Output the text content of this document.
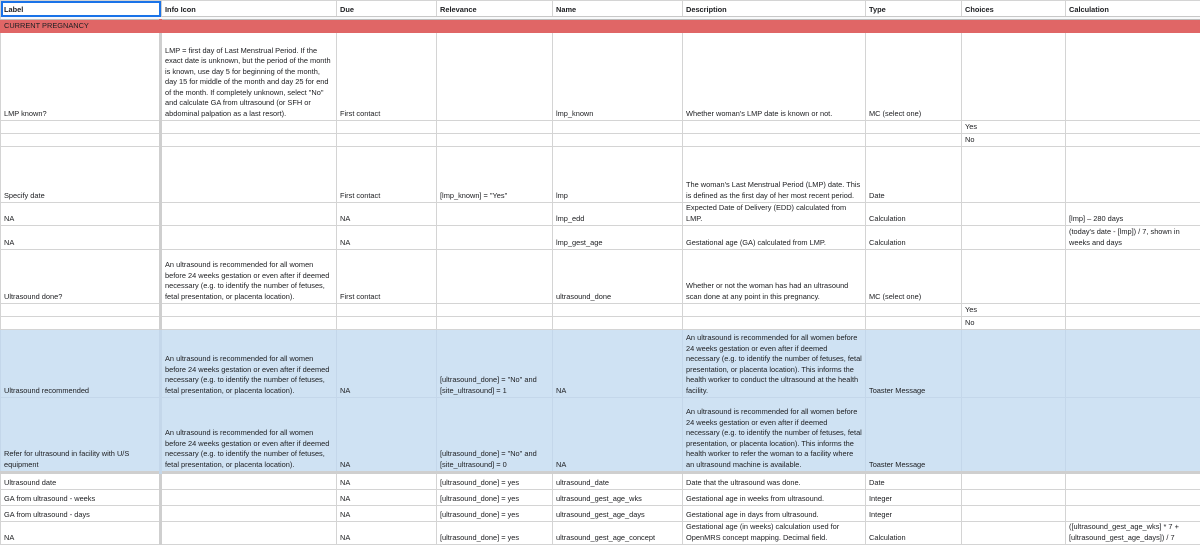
Label	Info Icon	Due	Relevance	Name	Description	Type	Choices	Calculation

CURRENT PREGNANCY								
LMP known?	LMP = first day of Last Menstrual Period. If the exact date is unknown, but the period of the month is known, use day 5 for beginning of the month, day 15 for middle of the month and day 25 for end of the month. If completely unknown, select "No" and calculate GA from ultrasound (or SFH or abdominal palpation as a last resort).	First contact		lmp_known	Whether woman's LMP date is known or not.	MC (select one)		
							Yes	
							No	
Specify date		First contact	[lmp_known] = "Yes"	lmp	The woman's Last Menstrual Period (LMP) date. This is defined as the first day of her most recent period.	Date		
NA		NA		lmp_edd	Expected Date of Delivery (EDD) calculated from LMP.	Calculation		[lmp] – 280 days
NA		NA		lmp_gest_age	Gestational age (GA) calculated from LMP.	Calculation		(today's date - [lmp]) / 7, shown in weeks and days
Ultrasound done?	An ultrasound is recommended for all women before 24 weeks gestation or even after if deemed necessary (e.g. to identify the number of fetuses, fetal presentation, or placenta location).	First contact		ultrasound_done	Whether or not the woman has had an ultrasound scan done at any point in this pregnancy.	MC (select one)		
							Yes	
							No	
Ultrasound recommended	An ultrasound is recommended for all women before 24 weeks gestation or even after if deemed necessary (e.g. to identify the number of fetuses, fetal presentation, or placenta location).	NA	[ultrasound_done] = "No" and [site_ultrasound] = 1	NA	An ultrasound is recommended for all women before 24 weeks gestation or even after if deemed necessary (e.g. to identify the number of fetuses, fetal presentation, or placenta location). This informs the health worker to conduct the ultrasound at the health facility.	Toaster Message		
Refer for ultrasound in facility with U/S equipment	An ultrasound is recommended for all women before 24 weeks gestation or even after if deemed necessary (e.g. to identify the number of fetuses, fetal presentation, or placenta location).	NA	[ultrasound_done] = "No" and [site_ultrasound] = 0	NA	An ultrasound is recommended for all women before 24 weeks gestation or even after if deemed necessary (e.g. to identify the number of fetuses, fetal presentation, or placenta location). This informs the health worker to refer the woman to a facility where an ultrasound machine is available.	Toaster Message		
Ultrasound date		NA	[ultrasound_done] = yes	ultrasound_date	Date that the ultrasound was done.	Date		
GA from ultrasound - weeks		NA	[ultrasound_done] = yes	ultrasound_gest_age_wks	Gestational age in weeks from ultrasound.	Integer		
GA from ultrasound - days		NA	[ultrasound_done] = yes	ultrasound_gest_age_days	Gestational age in days from ultrasound.	Integer		
NA		NA	[ultrasound_done] = yes	ultrasound_gest_age_concept	Gestational age (in weeks) calculation used for OpenMRS concept mapping. Decimal field.	Calculation		([ultrasound_gest_age_wks] * 7 + [ultrasound_gest_age_days]) / 7
